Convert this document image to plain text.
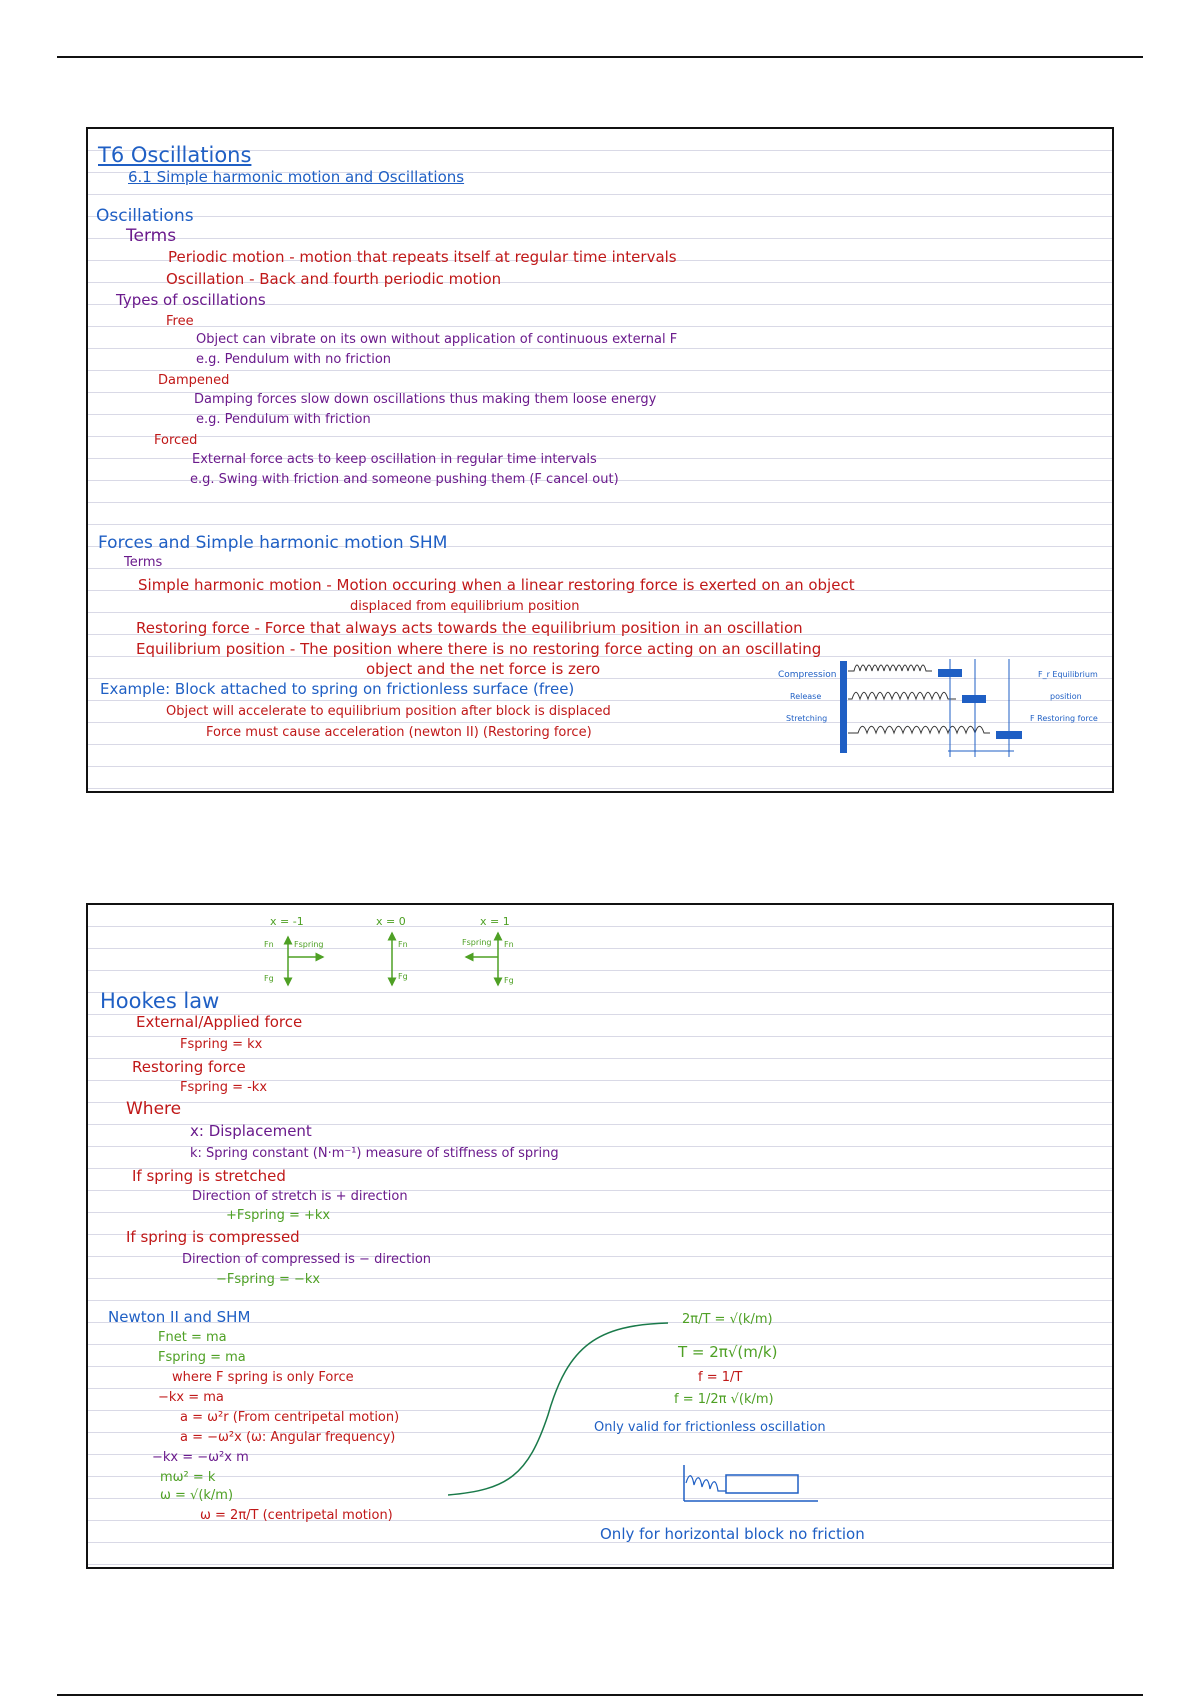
T6 Oscillations
6.1 Simple harmonic motion and Oscillations
Oscillations
Terms
Periodic motion - motion that repeats itself at regular time intervals
Oscillation - Back and fourth periodic motion
Types of oscillations
Free
Object can vibrate on its own without application of continuous external F
e.g. Pendulum with no friction
Dampened
Damping forces slow down oscillations thus making them loose energy
e.g. Pendulum with friction
Forced
External force acts to keep oscillation in regular time intervals
e.g. Swing with friction and someone pushing them (F cancel out)
Forces and Simple harmonic motion SHM
Terms
Simple harmonic motion - Motion occuring when a linear restoring force is exerted on an object
displaced from equilibrium position
Restoring force - Force that always acts towards the equilibrium position in an oscillation
Equilibrium position - The position where there is no restoring force acting on an oscillating
object and the net force is zero
Example: Block attached to spring on frictionless surface (free)
Object will accelerate to equilibrium position after block is displaced
Force must cause acceleration (newton II) (Restoring force)
Compression
Release
Stretching
F_r Equilibrium
position
F Restoring force
x = -1	x = 0	x = 1
Fn
Fg
Fspring	Fn
Fg
Fspring Fn
Fg
Hookes law
External/Applied force
Fspring = kx
Restoring force
Fspring = -kx
Where
x: Displacement
k: Spring constant (N·m⁻¹) measure of stiffness of spring
If spring is stretched
Direction of stretch is + direction
+Fspring = +kx
If spring is compressed
Direction of compressed is − direction
−Fspring = −kx
Newton II and SHM
Fnet = ma
Fspring = ma
where F spring is only Force
−kx = ma
a = ω²r (From centripetal motion)
a = −ω²x (ω: Angular frequency)
−kx = −ω²x m
mω² = k
ω = √(k/m)
ω = 2π/T (centripetal motion)
2π/T = √(k/m)
T = 2π√(m/k)
f = 1/T
f = 1/2π √(k/m)
Only valid for frictionless oscillation
Only for horizontal block no friction
